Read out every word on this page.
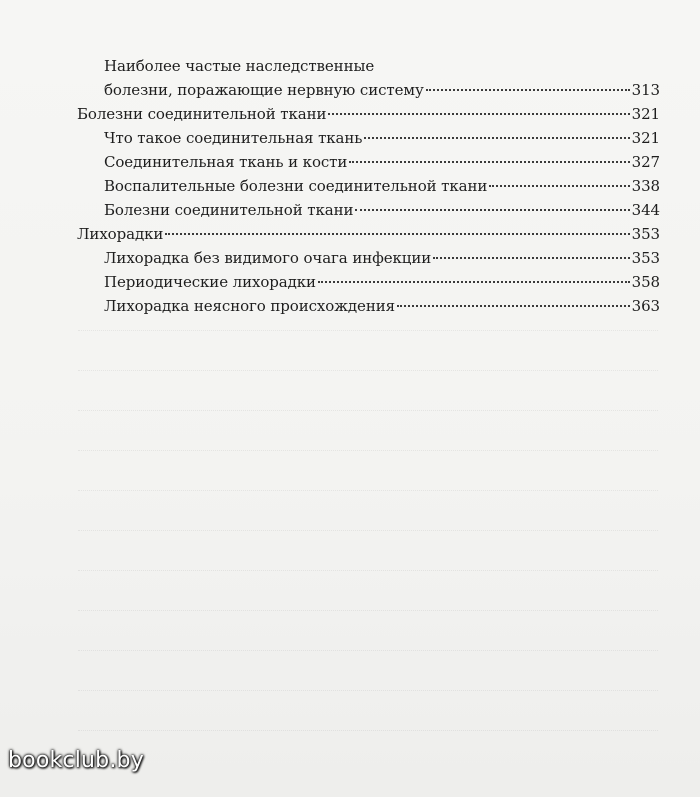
Наиболее частые наследственные
болезни, поражающие нервную систему	313
Болезни соединительной ткани	321
Что такое соединительная ткань	321
Соединительная ткань и кости	327
Воспалительные болезни соединительной ткани	338
Болезни соединительной ткани	344
Лихорадки	353
Лихорадка без видимого очага инфекции	353
Периодические лихорадки	358
Лихорадка неясного происхождения	363
bookclub.by
